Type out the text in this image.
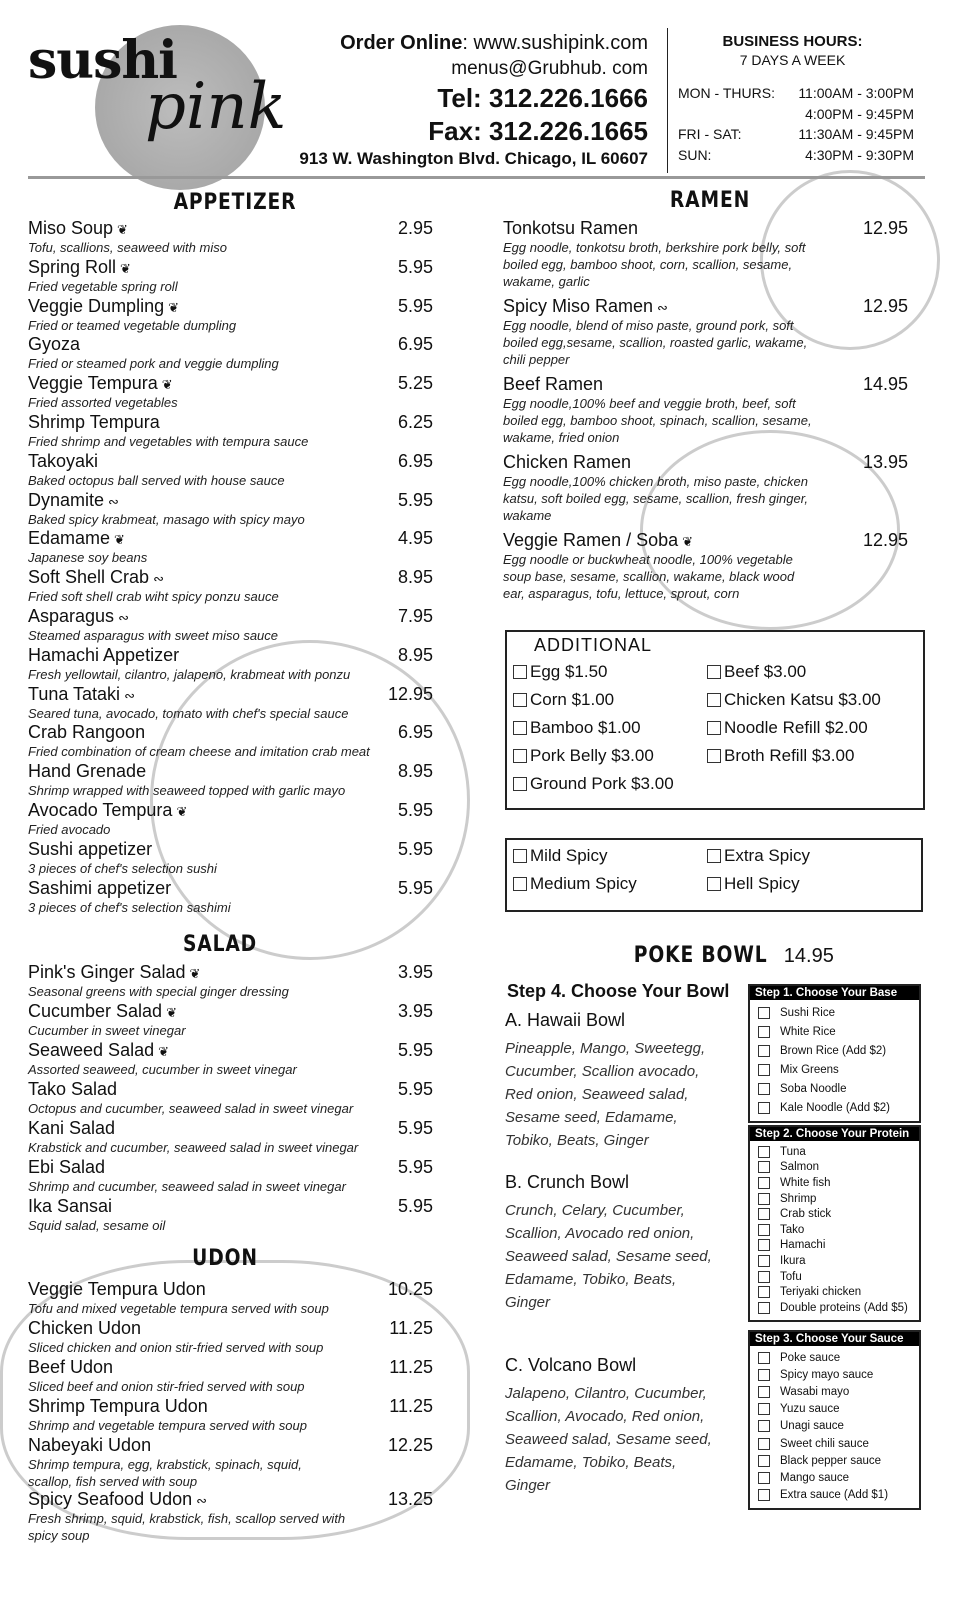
sushi
pink
Order Online: www.sushipink.com
menus@Grubhub. com
Tel: 312.226.1666
Fax: 312.226.1665
913 W. Washington Blvd. Chicago, IL 60607
BUSINESS HOURS:
7 DAYS A WEEK
MON - THURS: 11:00AM - 3:00PM
4:00PM - 9:45PM
FRI - SAT:	11:30AM - 9:45PM
SUN:	4:30PM - 9:30PM
APPETIZER
Miso Soup ❦	2.95
Tofu, scallions, seaweed with miso
Spring Roll ❦	5.95
Fried vegetable spring roll
Veggie Dumpling ❦	5.95
Fried or teamed vegetable dumpling
Gyoza	6.95
Fried or steamed pork and veggie dumpling
Veggie Tempura ❦	5.25
Fried assorted vegetables
Shrimp Tempura	6.25
Fried shrimp and vegetables with tempura sauce
Takoyaki	6.95
Baked octopus ball served with house sauce
Dynamite ∾	5.95
Baked spicy krabmeat, masago with spicy mayo
Edamame ❦	4.95
Japanese soy beans
Soft Shell Crab ∾	8.95
Fried soft shell crab wiht spicy ponzu sauce
Asparagus ∾	7.95
Steamed asparagus with sweet miso sauce
Hamachi Appetizer	8.95
Fresh yellowtail, cilantro, jalapeno, krabmeat with ponzu
Tuna Tataki ∾	12.95
Seared tuna, avocado, tomato with chef's special sauce
Crab Rangoon	6.95
Fried combination of cream cheese and imitation crab meat
Hand Grenade	8.95
Shrimp wrapped with seaweed topped with garlic mayo
Avocado Tempura ❦	5.95
Fried avocado
Sushi appetizer	5.95
3 pieces of chef's selection sushi
Sashimi appetizer	5.95
3 pieces of chef's selection sashimi
SALAD
Pink's Ginger Salad ❦	3.95
Seasonal greens with special ginger dressing
Cucumber Salad ❦	3.95
Cucumber in sweet vinegar
Seaweed Salad ❦	5.95
Assorted seaweed, cucumber in sweet vinegar
Tako Salad	5.95
Octopus and cucumber, seaweed salad in sweet vinegar
Kani Salad	5.95
Krabstick and cucumber, seaweed salad in sweet vinegar
Ebi Salad	5.95
Shrimp and cucumber, seaweed salad in sweet vinegar
Ika Sansai	5.95
Squid salad, sesame oil
UDON
Veggie Tempura Udon	10.25
Tofu and mixed vegetable tempura served with soup
Chicken Udon	11.25
Sliced chicken and onion stir-fried served with soup
Beef Udon	11.25
Sliced beef and onion stir-fried served with soup
Shrimp Tempura Udon	11.25
Shrimp and vegetable tempura served with soup
Nabeyaki Udon	12.25
Shrimp tempura, egg, krabstick, spinach, squid, scallop, fish served with soup
Spicy Seafood Udon ∾	13.25
Fresh shrimp, squid, krabstick, fish, scallop served with spicy soup
RAMEN
Tonkotsu Ramen	12.95
Egg noodle, tonkotsu broth, berkshire pork belly, soft boiled egg, bamboo shoot, corn, scallion, sesame, wakame, garlic
Spicy Miso Ramen ∾	12.95
Egg noodle, blend of miso paste, ground pork, soft boiled egg,sesame, scallion, roasted garlic, wakame, chili pepper
Beef Ramen	14.95
Egg noodle,100% beef and veggie broth, beef, soft boiled egg, bamboo shoot, spinach, scallion, sesame, wakame, fried onion
Chicken Ramen	13.95
Egg noodle,100% chicken broth, miso paste, chicken katsu, soft boiled egg, sesame, scallion, fresh ginger, wakame
Veggie Ramen / Soba ❦	12.95
Egg noodle or buckwheat noodle, 100% vegetable soup base, sesame, scallion, wakame, black wood ear, asparagus, tofu, lettuce, sprout, corn
ADDITIONAL
Egg $1.50
Corn $1.00
Bamboo $1.00
Pork Belly $3.00
Ground Pork $3.00
Beef $3.00
Chicken Katsu $3.00
Noodle Refill $2.00
Broth Refill $3.00
Mild Spicy
Medium Spicy
Extra Spicy
Hell Spicy
POKE BOWL 14.95
Step 4. Choose Your Bowl
A. Hawaii Bowl
Pineapple, Mango, Sweetegg,
Cucumber, Scallion avocado,
Red onion, Seaweed salad,
Sesame seed, Edamame,
Tobiko, Beats, Ginger
B. Crunch Bowl
Crunch, Celary, Cucumber,
Scallion, Avocado red onion,
Seaweed salad, Sesame seed,
Edamame, Tobiko, Beats,
Ginger
C. Volcano Bowl
Jalapeno, Cilantro, Cucumber,
Scallion, Avocado, Red onion,
Seaweed salad, Sesame seed,
Edamame, Tobiko, Beats,
Ginger
Step 1. Choose Your Base
Sushi Rice
White Rice
Brown Rice (Add $2)
Mix Greens
Soba Noodle
Kale Noodle (Add $2)
Step 2. Choose Your Protein
Tuna
Salmon
White fish
Shrimp
Crab stick
Tako
Hamachi
Ikura
Tofu
Teriyaki chicken
Double proteins (Add $5)
Step 3. Choose Your Sauce
Poke sauce
Spicy mayo sauce
Wasabi mayo
Yuzu sauce
Unagi sauce
Sweet chili sauce
Black pepper sauce
Mango sauce
Extra sauce (Add $1)
